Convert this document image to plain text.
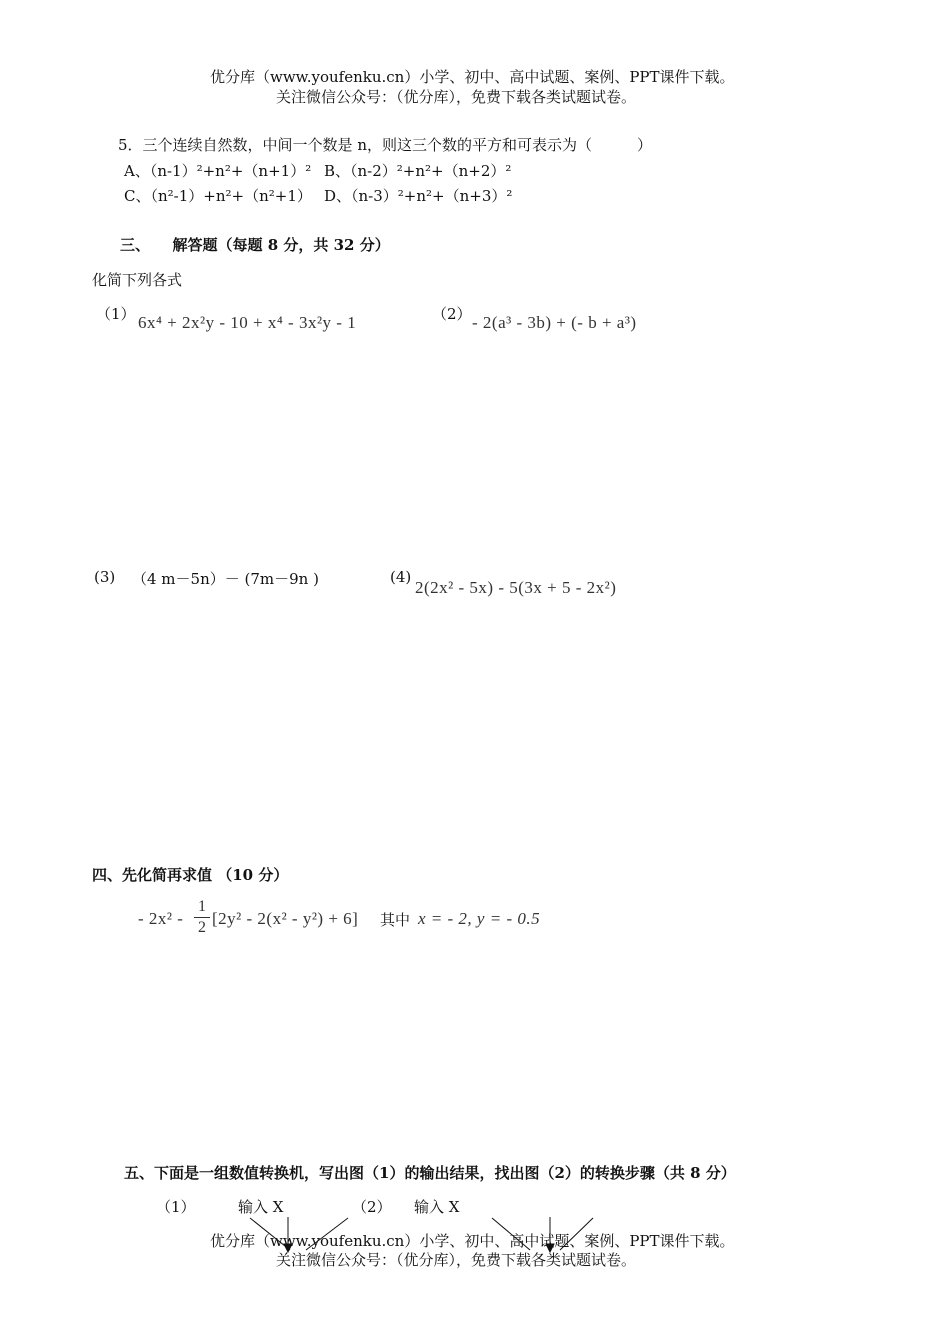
优分库（www.youfenku.cn）小学、初中、高中试题、案例、PPT课件下载。
关注微信公众号：（优分库），免费下载各类试题试卷。
5．三个连续自然数，中间一个数是 n，则这三个数的平方和可表示为（　　　）
A、（n-1）²+n²+（n+1）² B、（n-2）²+n²+（n+2）²
C、（n²-1）+n²+（n²+1） D、（n-3）²+n²+（n+3）²
三、　　解答题（每题 8 分，共 32 分）
化简下列各式
（1） 6x⁴ + 2x²y - 10 + x⁴ - 3x²y - 1	（2） - 2(a³ - 3b) + (- b + a³)
(3) （4 m－5n）－ (7m－9n )	(4)
2(2x² - 5x) - 5(3x + 5 - 2x²)
四、先化简再求值 （10 分）
- 2x² -
1
2 [2y² - 2(x² - y²) + 6] 其中 x = - 2, y = - 0.5
五、下面是一组数值转换机，写出图（1）的输出结果，找出图（2）的转换步骤（共 8 分）
（1）	输入 X	（2） 输入 X
优分库（www.youfenku.cn）小学、初中、高中试题、案例、PPT课件下载。
关注微信公众号：（优分库），免费下载各类试题试卷。
